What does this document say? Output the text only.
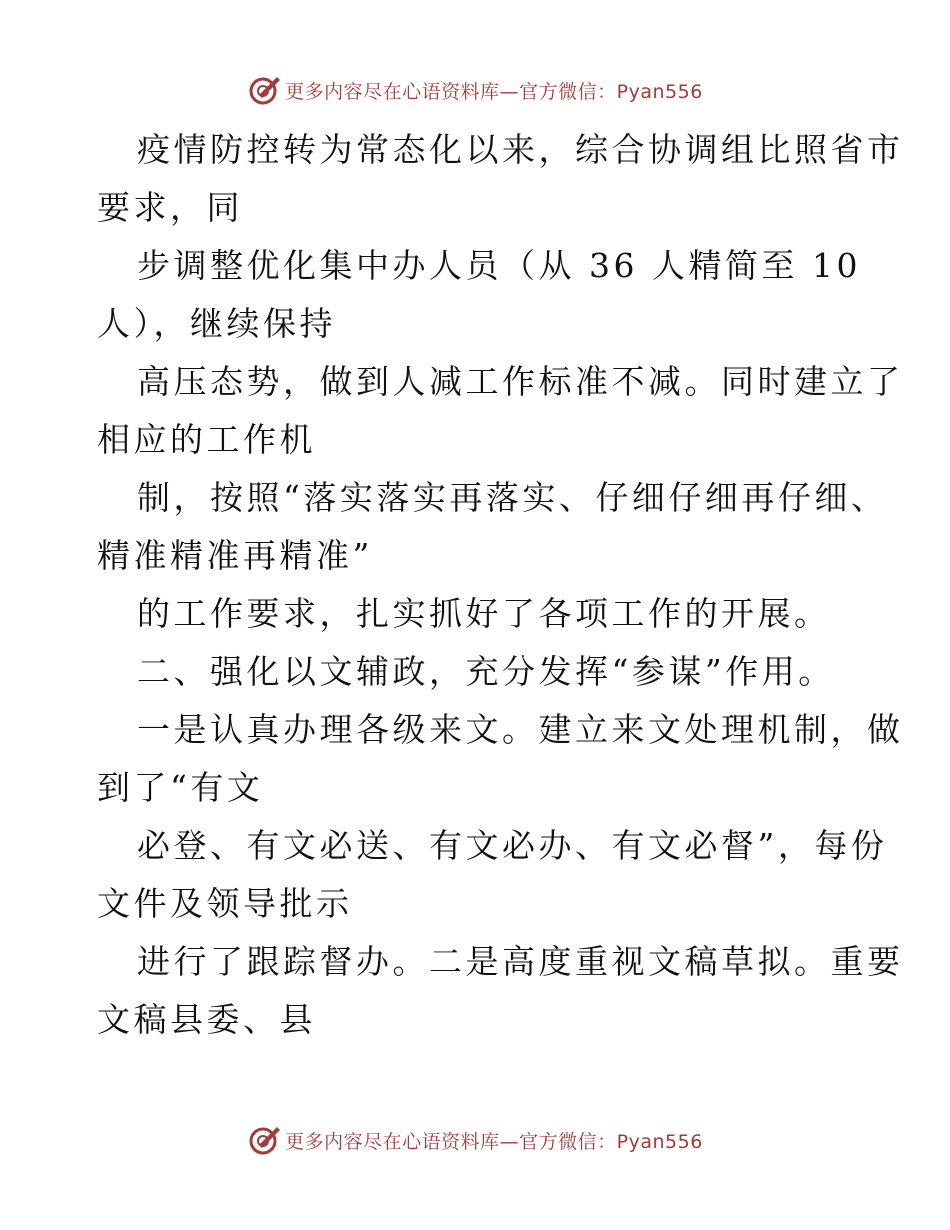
更多内容尽在心语资料库—官方微信：Pyan556
疫情防控转为常态化以来，综合协调组比照省市
要求，同
步调整优化集中办人员（从 36 人精简至 10
人），继续保持
高压态势，做到人减工作标准不减。同时建立了
相应的工作机
制，按照“落实落实再落实、仔细仔细再仔细、
精准精准再精准”
的工作要求，扎实抓好了各项工作的开展。
二、强化以文辅政，充分发挥“参谋”作用。
一是认真办理各级来文。建立来文处理机制，做
到了“有文
必登、有文必送、有文必办、有文必督”，每份
文件及领导批示
进行了跟踪督办。二是高度重视文稿草拟。重要
文稿县委、县
更多内容尽在心语资料库—官方微信：Pyan556
